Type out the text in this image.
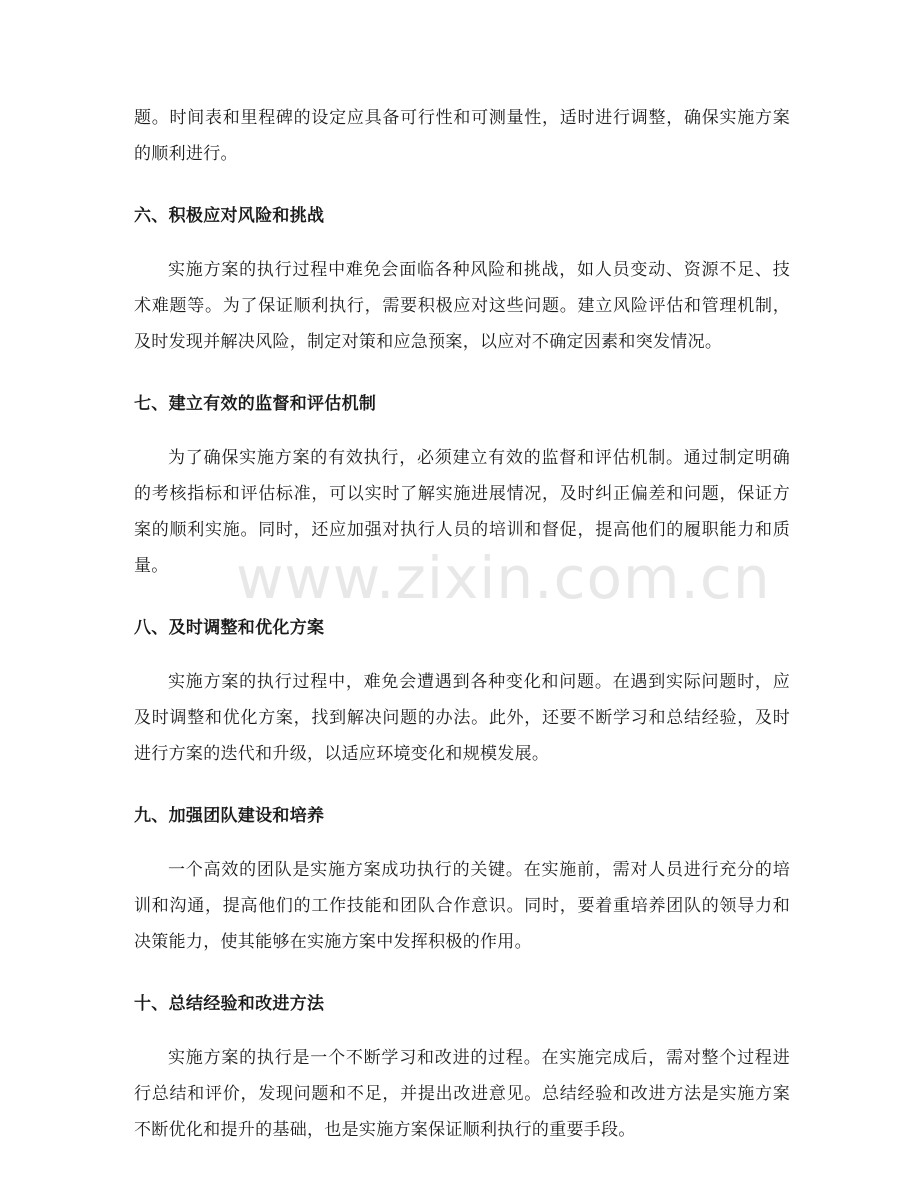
题。时间表和里程碑的设定应具备可行性和可测量性，适时进行调整，确保实施方案的顺利进行。

六、积极应对风险和挑战

实施方案的执行过程中难免会面临各种风险和挑战，如人员变动、资源不足、技术难题等。为了保证顺利执行，需要积极应对这些问题。建立风险评估和管理机制，及时发现并解决风险，制定对策和应急预案，以应对不确定因素和突发情况。

七、建立有效的监督和评估机制

为了确保实施方案的有效执行，必须建立有效的监督和评估机制。通过制定明确的考核指标和评估标准，可以实时了解实施进展情况，及时纠正偏差和问题，保证方案的顺利实施。同时，还应加强对执行人员的培训和督促，提高他们的履职能力和质量。

八、及时调整和优化方案

实施方案的执行过程中，难免会遭遇到各种变化和问题。在遇到实际问题时，应及时调整和优化方案，找到解决问题的办法。此外，还要不断学习和总结经验，及时进行方案的迭代和升级，以适应环境变化和规模发展。

九、加强团队建设和培养

一个高效的团队是实施方案成功执行的关键。在实施前，需对人员进行充分的培训和沟通，提高他们的工作技能和团队合作意识。同时，要着重培养团队的领导力和决策能力，使其能够在实施方案中发挥积极的作用。

十、总结经验和改进方法

实施方案的执行是一个不断学习和改进的过程。在实施完成后，需对整个过程进行总结和评价，发现问题和不足，并提出改进意见。总结经验和改进方法是实施方案不断优化和提升的基础，也是实施方案保证顺利执行的重要手段。

www.zixin.com.cn
